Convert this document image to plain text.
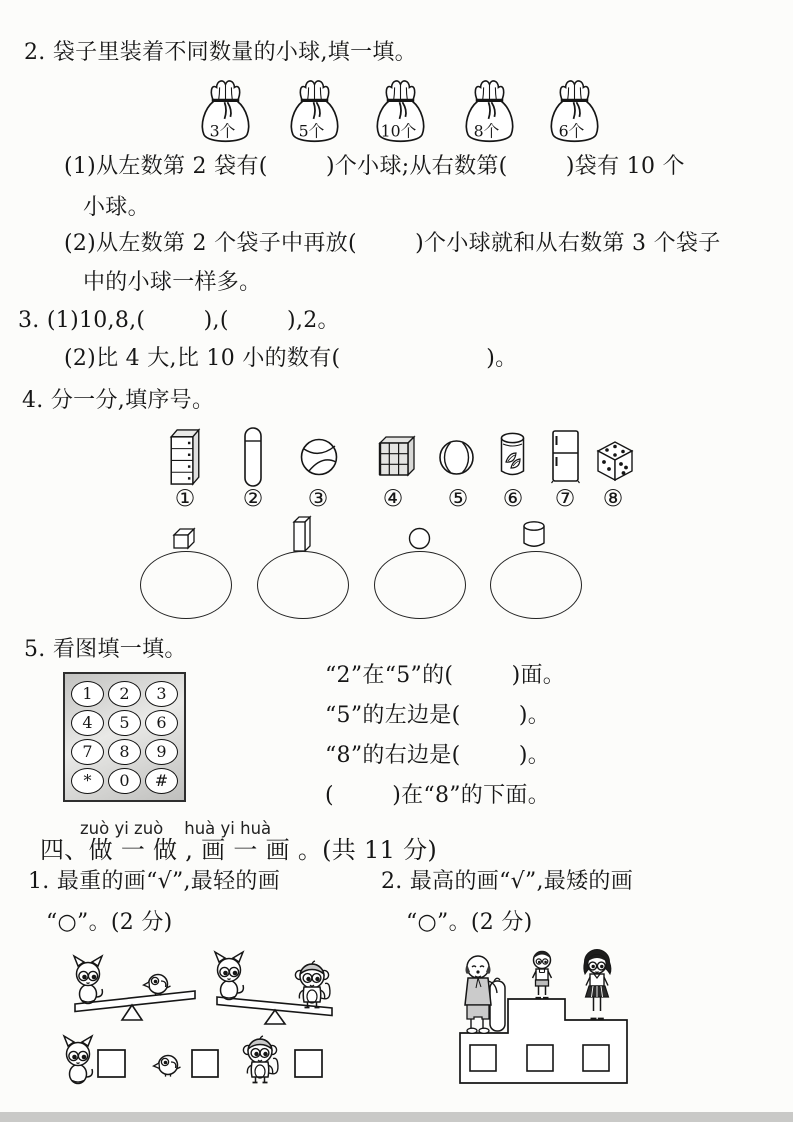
2. 袋子里装着不同数量的小球,填一填。
3个	5个	10个	8个	6个
(1)从左数第 2 袋有(        )个小球;从右数第(        )袋有 10 个
小球。
(2)从左数第 2 个袋子中再放(        )个小球就和从右数第 3 个袋子
中的小球一样多。
3. (1)10,8,(        ),(        ),2。
(2)比 4 大,比 10 小的数有(                    )。
4. 分一分,填序号。
①	②	③	④	⑤	⑥	⑦	⑧
5. 看图填一填。
1	2	3
4	5	6
7	8	9
*	0	#
“2”在“5”的(        )面。
“5”的左边是(        )。
“8”的右边是(        )。
(        )在“8”的下面。
zuò yi zuò    huà yi huà
四、做 一 做 , 画 一 画 。(共 11 分)
1. 最重的画“√”,最轻的画
“○”。(2 分)
2. 最高的画“√”,最矮的画
“○”。(2 分)
